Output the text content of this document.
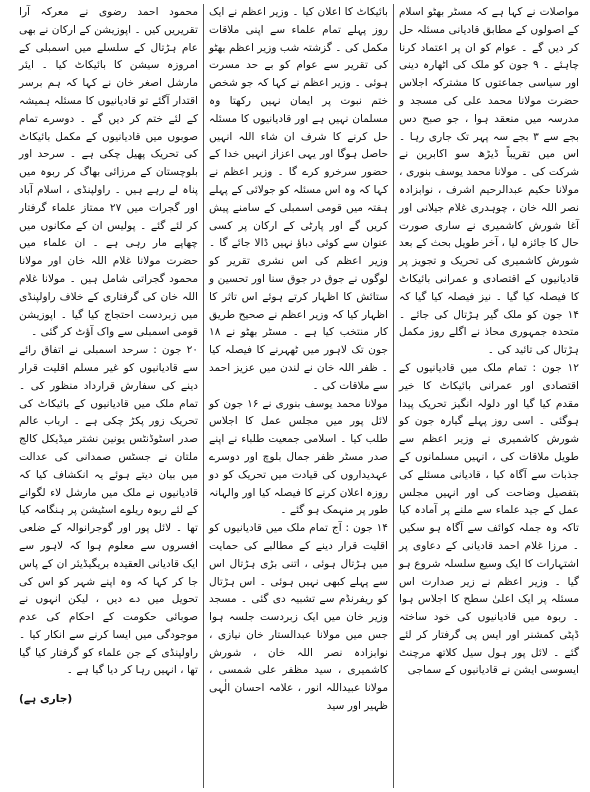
مواصلات نے کہا ہے کہ مسٹر بھٹو اسلام کے اصولوں کے مطابق قادیانی مسئلہ حل کر دیں گے ۔ عوام کو ان پر اعتماد کرنا چاہئے ۔ ۹ جون کو ملک کی اٹھارہ دینی اور سیاسی جماعتوں کا مشترکہ اجلاس حضرت مولانا محمد علی کی مسجد و مدرسہ میں منعقد ہوا ، جو صبح دس بجے سے ۳ بجے سہ پہر تک جاری رہا ۔ اس میں تقریباً ڈیڑھ سو اکابرین نے شرکت کی ۔ مولانا محمد یوسف بنوری ، مولانا حکیم عبدالرحیم اشرف ، نوابزادہ نصر اللہ خان ، چوہدری غلام جیلانی اور آغا شورش کاشمیری نے ساری صورت حال کا جائزہ لیا ، آخر طویل بحث کے بعد شورش کاشمیری کی تحریک و تجویز پر قادیانیوں کے اقتصادی و عمرانی بائیکاٹ کا فیصلہ کیا گیا ۔ نیز فیصلہ کیا گیا کہ ۱۴ جون کو ملک گیر ہڑتال کی جائے ۔ متحدہ جمہوری محاذ نے اگلے روز مکمل ہڑتال کی تائید کی ۔

۱۲ جون : تمام ملک میں قادیانیوں کے اقتصادی اور عمرانی بائیکاٹ کا خیر مقدم کیا گیا اور دلولہ انگیز تحریک پیدا ہوگئی ۔ اسی روز پہلے گیارہ جون کو شورش کاشمیری نے وزیر اعظم سے طویل ملاقات کی ، انہیں مسلمانوں کے جذبات سے آگاہ کیا ، قادیانی مسئلے کی بتفصیل وضاحت کی اور انہیں مجلس عمل کے جید علماء سے ملنے پر آمادہ کیا تاکہ وہ جملہ کوائف سے آگاہ ہو سکیں ۔ مرزا غلام احمد قادیانی کے دعاوی پر اشتہارات کا ایک وسیع سلسلہ شروع ہو گیا ۔ وزیر اعظم نے زیر صدارت اس مسئلہ پر ایک اعلیٰ سطح کا اجلاس ہوا ۔ ربوہ میں قادیانیوں کی خود ساختہ ڈپٹی کمشنر اور ایس پی گرفتار کر لئے گئے ۔ لائل پور ہول سیل کلاتھ مرچنٹ ایسوسی ایشن نے قادیانیوں کے سماجی

بائیکاٹ کا اعلان کیا ۔ وزیر اعظم نے ایک روز پہلے تمام علماء سے اپنی ملاقات مکمل کی ۔ گزشتہ شب وزیر اعظم بھٹو کی تقریر سے عوام کو بے حد مسرت ہوئی ۔ وزیر اعظم نے کہا کہ جو شخص ختم نبوت پر ایمان نہیں رکھتا وہ مسلمان نہیں ہے اور قادیانیوں کا مسئلہ حل کرنے کا شرف ان شاء اللہ انہیں حاصل ہوگا اور یہی اعزاز انہیں خدا کے حضور سرخرو کرے گا ۔ وزیر اعظم نے کہا کہ وہ اس مسئلہ کو جولائی کے پہلے ہفتہ میں قومی اسمبلی کے سامنے پیش کریں گے اور پارٹی کے ارکان پر کسی عنوان سے کوئی دباؤ نہیں ڈالا جائے گا ۔ وزیر اعظم کی اس نشری تقریر کو لوگوں نے جوق در جوق سنا اور تحسین و ستائش کا اظہار کرتے ہوئے اس تاثر کا اظہار کیا کہ وزیر اعظم نے صحیح طریق کار منتخب کیا ہے ۔ مسٹر بھٹو نے ۱۸ جون تک لاہور میں ٹھہرنے کا فیصلہ کیا ۔ ظفر اللہ خان نے لندن میں عزیز احمد سے ملاقات کی ۔

مولانا محمد یوسف بنوری نے ۱۶ جون کو لائل پور میں مجلس عمل کا اجلاس طلب کیا ۔ اسلامی جمعیت طلباء نے اپنے صدر مسٹر ظفر جمال بلوچ اور دوسرے عہدیداروں کی قیادت میں تحریک کو دو روزہ اعلان کرنے کا فیصلہ کیا اور والہانہ طور پر منہمک ہو گئے ۔

۱۴ جون : آج تمام ملک میں قادیانیوں کو اقلیت قرار دینے کے مطالبے کی حمایت میں ہڑتال ہوئی ، اتنی بڑی ہڑتال اس سے پہلے کبھی نہیں ہوئی ۔ اس ہڑتال کو ریفرنڈم سے تشبیہ دی گئی ۔ مسجد وزیر خان میں ایک زبردست جلسہ ہوا جس میں مولانا عبدالستار خان نیازی ، نوابزادہ نصر اللہ خان ، شورش کاشمیری ، سید مظفر علی شمسی ، مولانا عبیداللہ انور ، علامہ احسان الٰہی ظہیر اور سید

محمود احمد رضوی نے معرکہ آرا تقریریں کیں ۔ اپوزیشن کے ارکان نے بھی عام ہڑتال کے سلسلے میں اسمبلی کے امروزہ سیشن کا بائیکاٹ کیا ۔ ایئر مارشل اصغر خان نے کہا کہ ہم برسر اقتدار آگئے تو قادیانیوں کا مسئلہ ہمیشہ کے لئے ختم کر دیں گے ۔ دوسرے تمام صوبوں میں قادیانیوں کے مکمل بائیکاٹ کی تحریک پھیل چکی ہے ۔ سرحد اور بلوچستان کے مرزائی بھاگ کر ربوہ میں پناہ لے رہے ہیں ۔ راولپنڈی ، اسلام آباد اور گجرات میں ۲۷ ممتاز علماء گرفتار کر لئے گئے ۔ پولیس ان کے مکانوں میں چھاپے مار رہی ہے ۔ ان علماء میں حضرت مولانا غلام اللہ خان اور مولانا محمود گجراتی شامل ہیں ۔ مولانا غلام اللہ خان کی گرفتاری کے خلاف راولپنڈی میں زبردست احتجاج کیا گیا ۔ اپوزیشن قومی اسمبلی سے واک آؤٹ کر گئی ۔

۲۰ جون : سرحد اسمبلی نے اتفاق رائے سے قادیانیوں کو غیر مسلم اقلیت قرار دینے کی سفارش قرارداد منظور کی ۔ تمام ملک میں قادیانیوں کے بائیکاٹ کی تحریک زور پکڑ چکی ہے ۔ ارباب عالم صدر اسٹوڈنٹس یونین نشتر میڈیکل کالج ملتان نے جسٹس صمدانی کی عدالت میں بیان دیتے ہوئے یہ انکشاف کیا کہ قادیانیوں نے ملک میں مارشل لاء لگوانے کے لئے ربوہ ریلوے اسٹیشن پر ہنگامہ کیا تھا ۔ لائل پور اور گوجرانوالہ کے ضلعی افسروں سے معلوم ہوا کہ لاہور سے ایک قادیانی العقیدہ بریگیڈیئر ان کے پاس جا کر کہا کہ وہ اپنے شہر کو اس کی تحویل میں دے دیں ، لیکن انہوں نے صوبائی حکومت کے احکام کی عدم موجودگی میں ایسا کرنے سے انکار کیا ۔ راولپنڈی کے جن علماء کو گرفتار کیا گیا تھا ، انہیں رہا کر دیا گیا ہے ۔

(جاری ہے)
